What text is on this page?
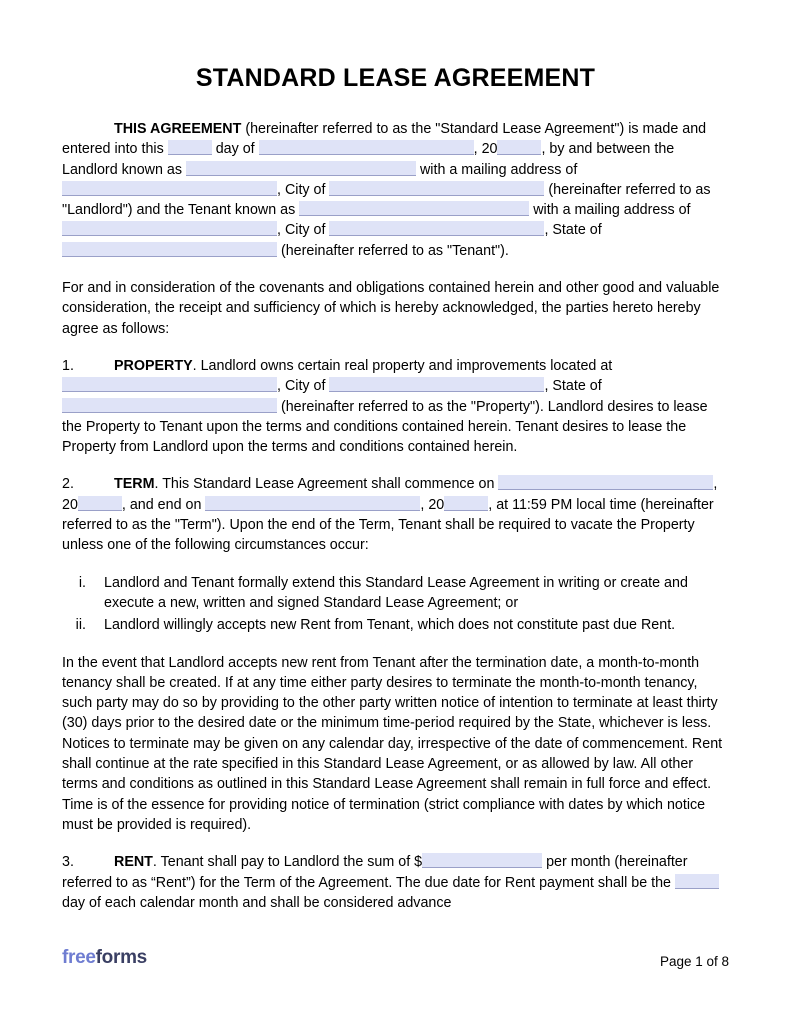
STANDARD LEASE AGREEMENT

THIS AGREEMENT (hereinafter referred to as the "Standard Lease Agreement") is made and entered into this	day of	, 20	, by and between the Landlord known as	with a mailing address of , City of	(hereinafter referred to as "Landlord") and the Tenant known as	with a mailing address of , City of	, State of  (hereinafter referred to as "Tenant").

For and in consideration of the covenants and obligations contained herein and other good and valuable consideration, the receipt and sufficiency of which is hereby acknowledged, the parties hereto hereby agree as follows:

1.	PROPERTY. Landlord owns certain real property and improvements located at , City of	, State of  (hereinafter referred to as the "Property"). Landlord desires to lease the Property to Tenant upon the terms and conditions contained herein. Tenant desires to lease the Property from Landlord upon the terms and conditions contained herein.

2.	TERM. This Standard Lease Agreement shall commence on	, 20	, and end on	, 20	, at 11:59 PM local time (hereinafter referred to as the "Term"). Upon the end of the Term, Tenant shall be required to vacate the Property unless one of the following circumstances occur:

i.	Landlord and Tenant formally extend this Standard Lease Agreement in writing or create and execute a new, written and signed Standard Lease Agreement; or
ii.	Landlord willingly accepts new Rent from Tenant, which does not constitute past due Rent.

In the event that Landlord accepts new rent from Tenant after the termination date, a month-to-month tenancy shall be created. If at any time either party desires to terminate the month-to-month tenancy, such party may do so by providing to the other party written notice of intention to terminate at least thirty (30) days prior to the desired date or the minimum time-period required by the State, whichever is less. Notices to terminate may be given on any calendar day, irrespective of the date of commencement. Rent shall continue at the rate specified in this Standard Lease Agreement, or as allowed by law. All other terms and conditions as outlined in this Standard Lease Agreement shall remain in full force and effect. Time is of the essence for providing notice of termination (strict compliance with dates by which notice must be provided is required).

3.	RENT. Tenant shall pay to Landlord the sum of $	per month (hereinafter referred to as “Rent”) for the Term of the Agreement. The due date for Rent payment shall be the  day of each calendar month and shall be considered advance

freeforms	Page 1 of 8
